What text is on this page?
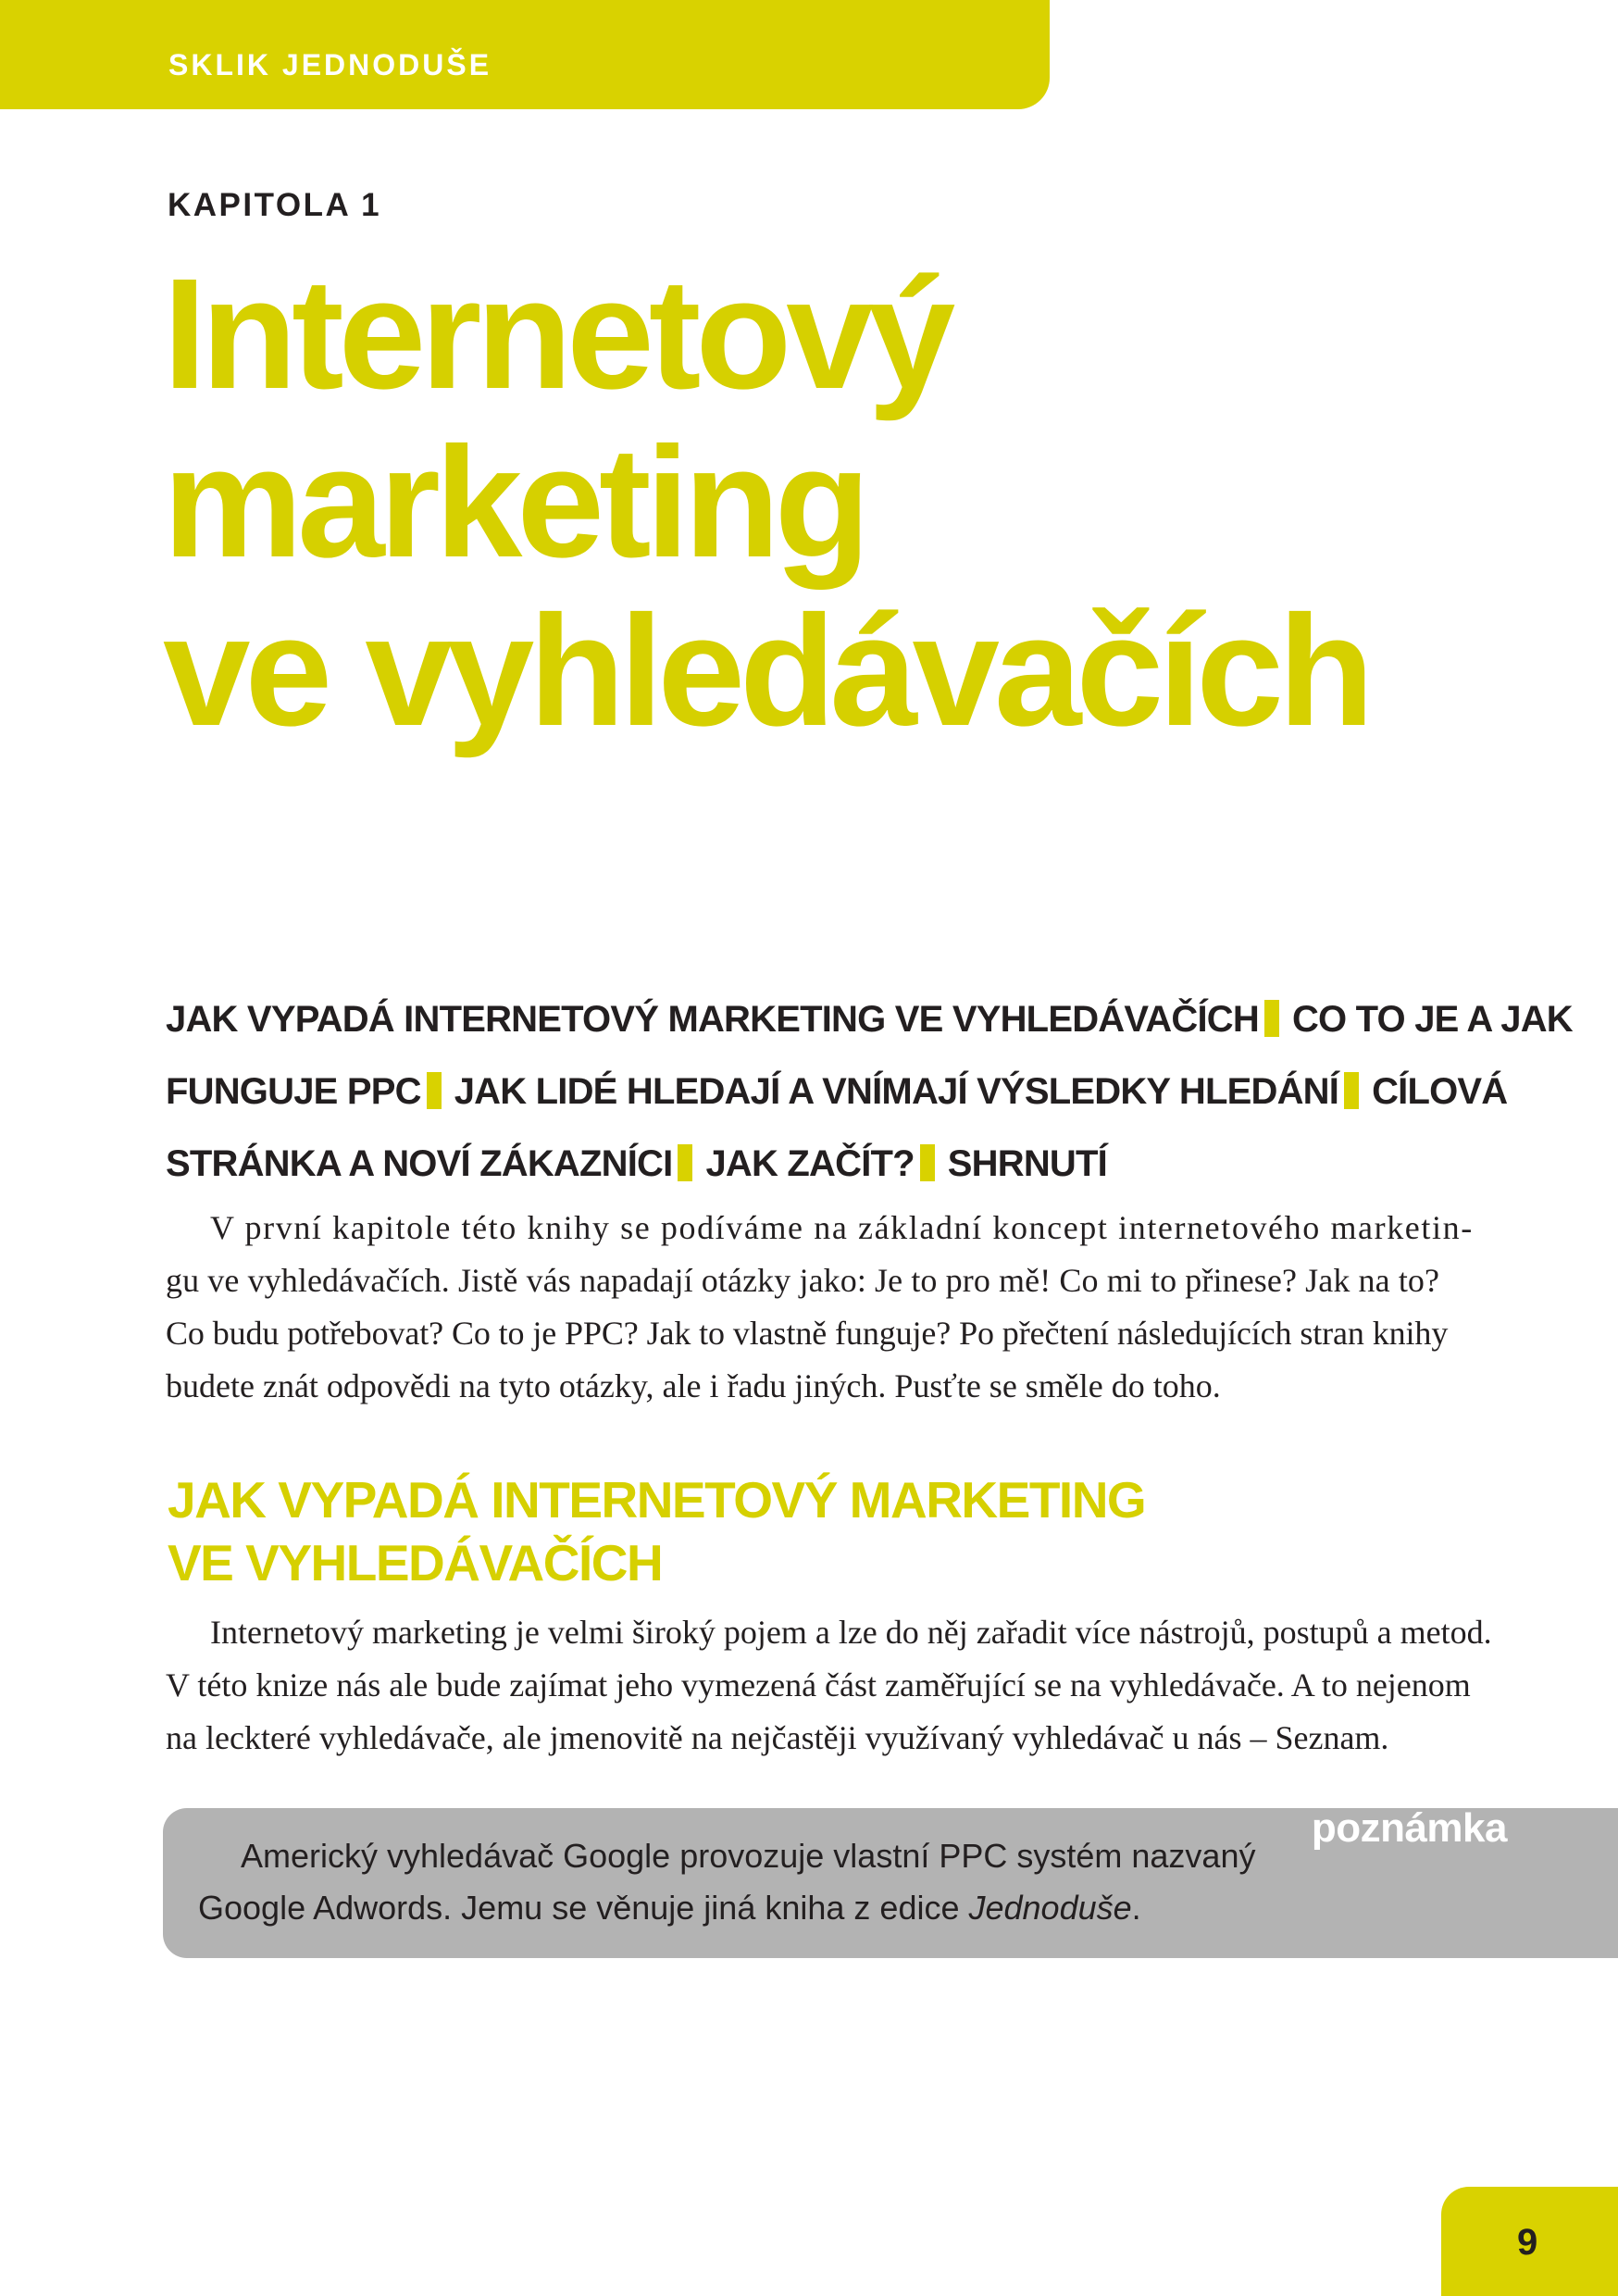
SKLIK JEDNODUŠE
KAPITOLA 1
Internetový
marketing
ve vyhledávačích
JAK VYPADÁ INTERNETOVÝ MARKETING VE VYHLEDÁVAČÍCH CO TO JE A JAK
FUNGUJE PPC JAK LIDÉ HLEDAJÍ A VNÍMAJÍ VÝSLEDKY HLEDÁNÍ CÍLOVÁ
STRÁNKA A NOVÍ ZÁKAZNÍCI JAK ZAČÍT? SHRNUTÍ

V první kapitole této knihy se podíváme na základní koncept internetového marketin-
gu ve vyhledávačích. Jistě vás napadají otázky jako: Je to pro mě! Co mi to přinese? Jak na to?
Co budu potřebovat? Co to je PPC? Jak to vlastně funguje? Po přečtení následujících stran knihy
budete znát odpovědi na tyto otázky, ale i řadu jiných. Pusťte se směle do toho.

JAK VYPADÁ INTERNETOVÝ MARKETING
VE VYHLEDÁVAČÍCH

Internetový marketing je velmi široký pojem a lze do něj zařadit více nástrojů, postupů a metod.
V této knize nás ale bude zajímat jeho vymezená část zaměřující se na vyhledávače. A to nejenom
na leckteré vyhledávače, ale jmenovitě na nejčastěji využívaný vyhledávač u nás – Seznam.

poznámka

Americký vyhledávač Google provozuje vlastní PPC systém nazvaný
Google Adwords. Jemu se věnuje jiná kniha z edice Jednoduše.

9
